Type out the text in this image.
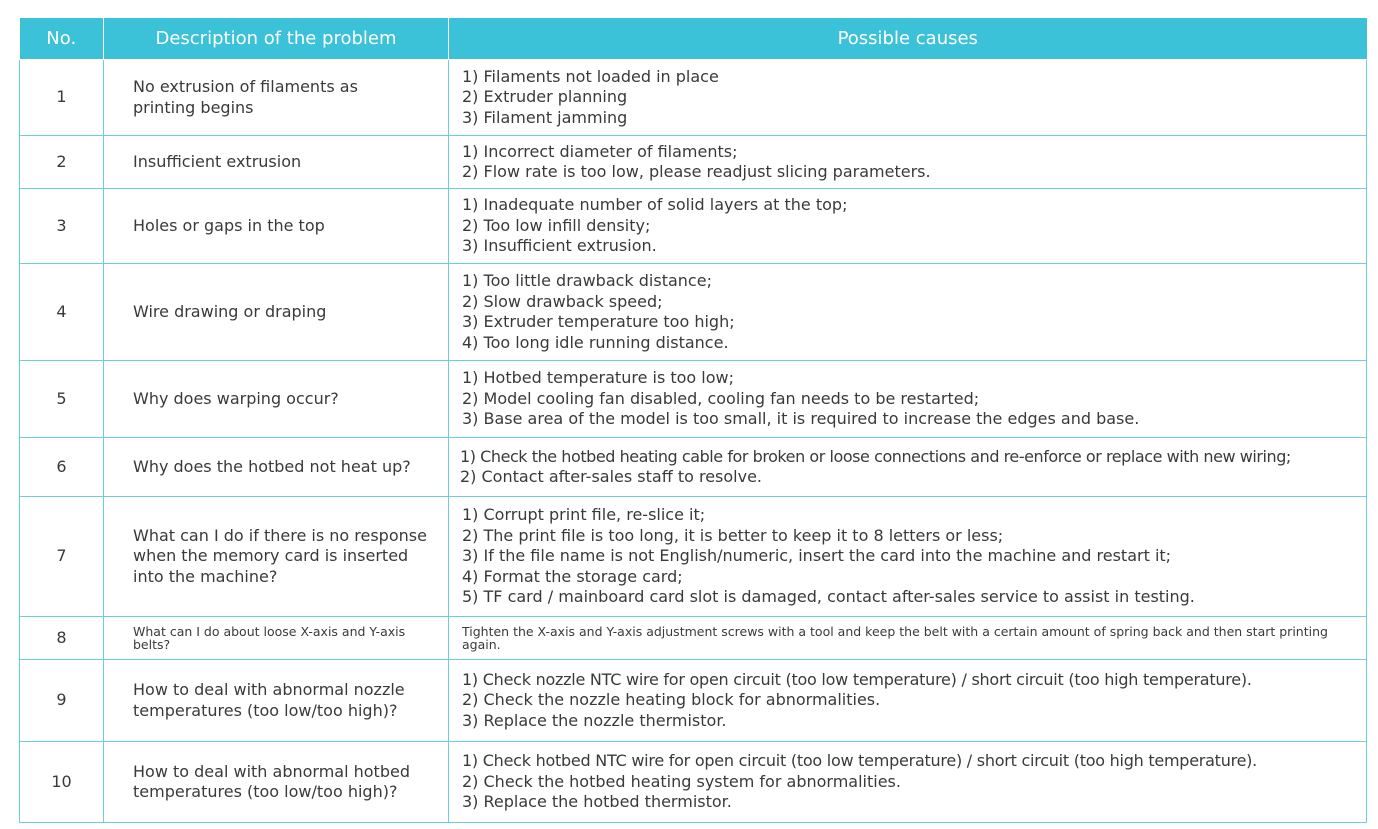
No.	Description of the problem	Possible causes
1	No extrusion of filaments as printing begins	1) Filaments not loaded in place
2) Extruder planning
3) Filament jamming

2	Insufficient extrusion	1) Incorrect diameter of filaments;
2) Flow rate is too low, please readjust slicing parameters.

3	Holes or gaps in the top	1) Inadequate number of solid layers at the top;
2) Too low infill density;
3) Insufficient extrusion.

4	Wire drawing or draping	1) Too little drawback distance;
2) Slow drawback speed;
3) Extruder temperature too high;
4) Too long idle running distance.

5	Why does warping occur?	1) Hotbed temperature is too low;
2) Model cooling fan disabled, cooling fan needs to be restarted;
3) Base area of the model is too small, it is required to increase the edges and base.

6	Why does the hotbed not heat up?	1) Check the hotbed heating cable for broken or loose connections and re-enforce or replace with new wiring;
2) Contact after-sales staff to resolve.

7	What can I do if there is no response when the memory card is inserted into the machine?	1) Corrupt print file, re-slice it;
2) The print file is too long, it is better to keep it to 8 letters or less;
3) If the file name is not English/numeric, insert the card into the machine and restart it;
4) Format the storage card;
5) TF card / mainboard card slot is damaged, contact after-sales service to assist in testing.

8	What can I do about loose X-axis and Y-axis belts?	Tighten the X-axis and Y-axis adjustment screws with a tool and keep the belt with a certain amount of spring back and then start printing again.

9	How to deal with abnormal nozzle temperatures (too low/too high)?	1) Check nozzle NTC wire for open circuit (too low temperature) / short circuit (too high temperature).
2) Check the nozzle heating block for abnormalities.
3) Replace the nozzle thermistor.

10	How to deal with abnormal hotbed temperatures (too low/too high)?	1) Check hotbed NTC wire for open circuit (too low temperature) / short circuit (too high temperature).
2) Check the hotbed heating system for abnormalities.
3) Replace the hotbed thermistor.
